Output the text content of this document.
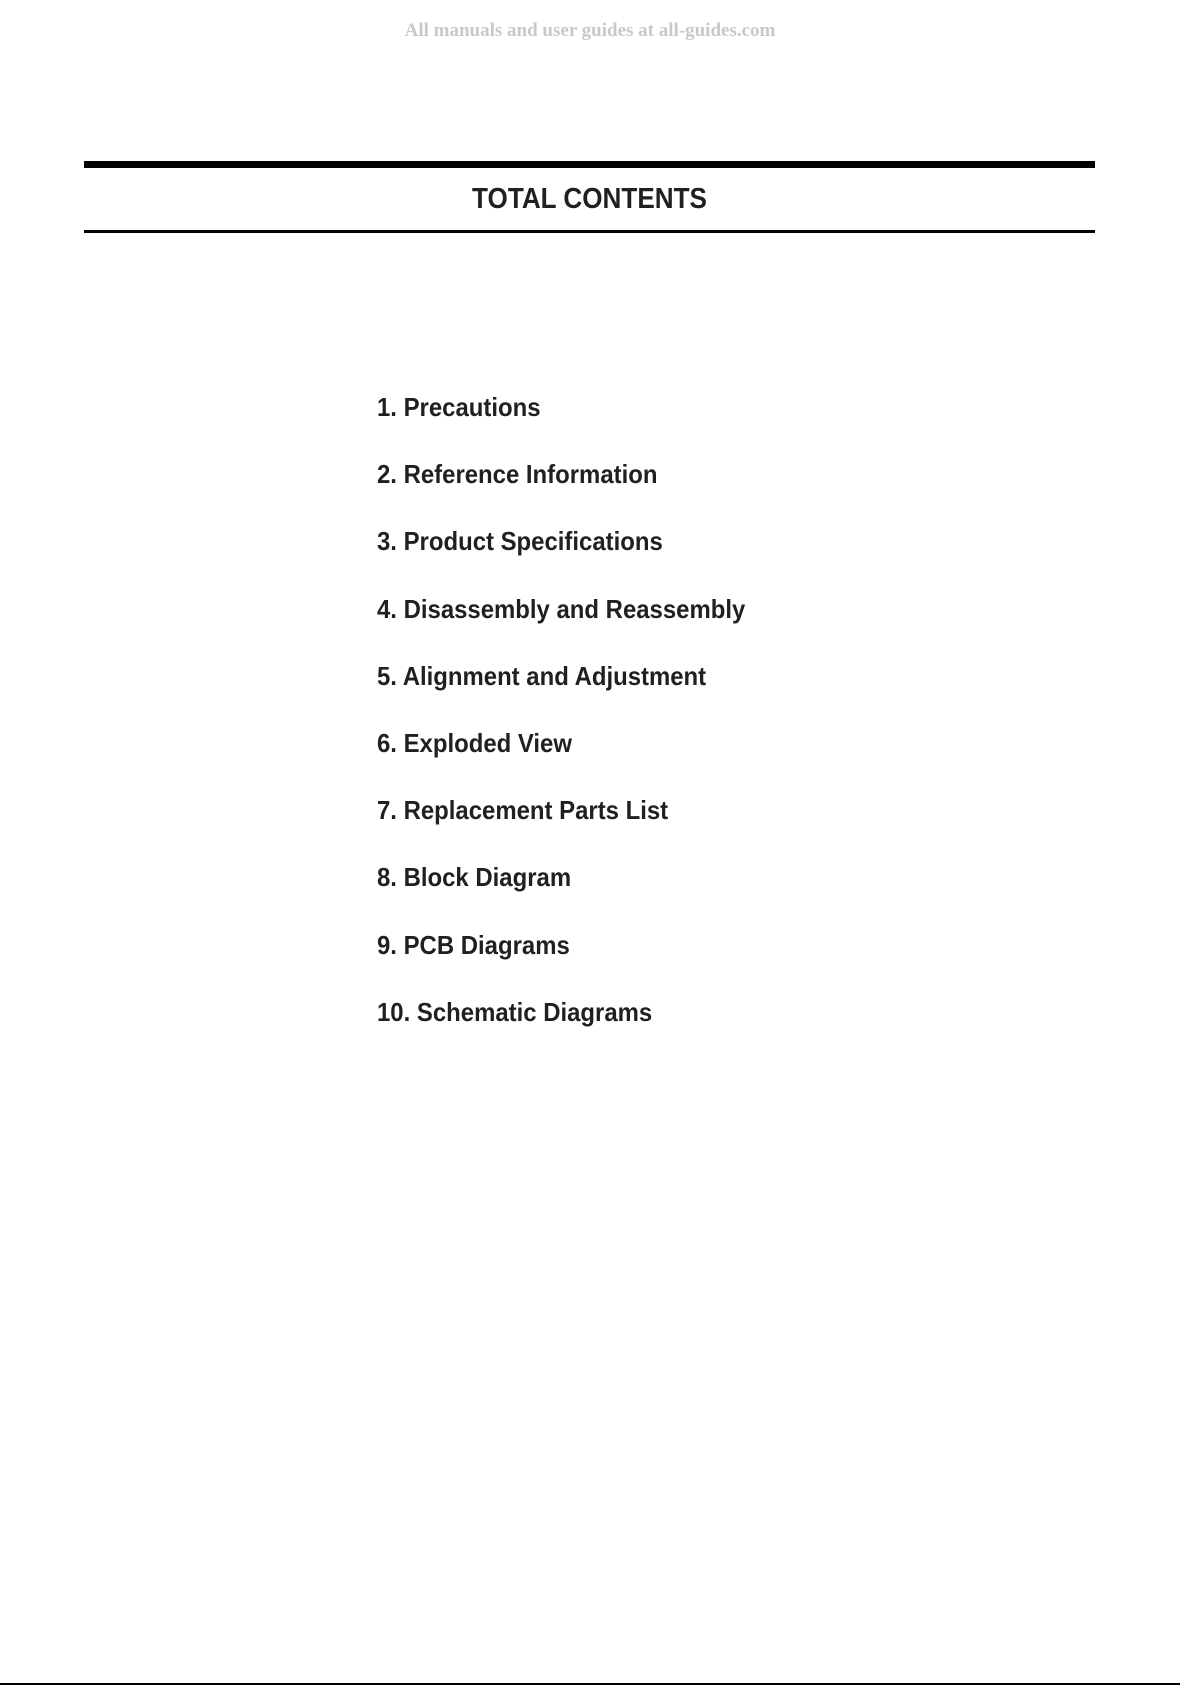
All manuals and user guides at all-guides.com
TOTAL CONTENTS
1. Precautions
2. Reference Information
3. Product Specifications
4. Disassembly and Reassembly
5. Alignment and Adjustment
6. Exploded View
7. Replacement Parts List
8. Block Diagram
9. PCB Diagrams
10. Schematic Diagrams
